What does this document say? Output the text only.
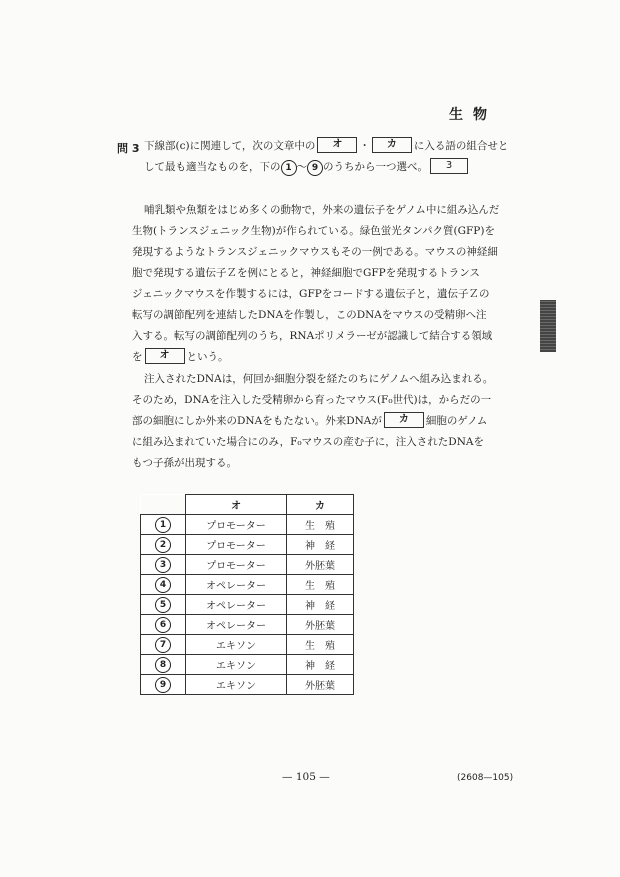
生物
問 3 下線部(c)に関連して，次の文章中の オ ・ カ に入る語の組合せと
して最も適当なものを，下の 1 ～ 9 のうちから一つ選べ。 3
哺乳類や魚類をはじめ多くの動物で，外来の遺伝子をゲノム中に組み込んだ
生物(トランスジェニック生物)が作られている。緑色蛍光タンパク質(GFP)を
発現するようなトランスジェニックマウスもその一例である。マウスの神経細
胞で発現する遺伝子Ｚを例にとると，神経細胞でGFPを発現するトランス
ジェニックマウスを作製するには，GFPをコードする遺伝子と，遺伝子Ｚの
転写の調節配列を連結したDNAを作製し，このDNAをマウスの受精卵へ注
入する。転写の調節配列のうち，RNAポリメラーゼが認識して結合する領域
を オ という。
注入されたDNAは，何回か細胞分裂を経たのちにゲノムへ組み込まれる。
そのため，DNAを注入した受精卵から育ったマウス(F₀世代)は，からだの一
部の細胞にしか外来のDNAをもたない。外来DNAが カ 細胞のゲノム
に組み込まれていた場合にのみ，F₀マウスの産む子に，注入されたDNAを
もつ子孫が出現する。
	オ	カ
1	プロモーター	生　殖
2	プロモーター	神　経
3	プロモーター	外胚葉
4	オペレーター	生　殖
5	オペレーター	神　経
6	オペレーター	外胚葉
7	エキソン	生　殖
8	エキソン	神　経
9	エキソン	外胚葉
— 105 —	(2608—105)
